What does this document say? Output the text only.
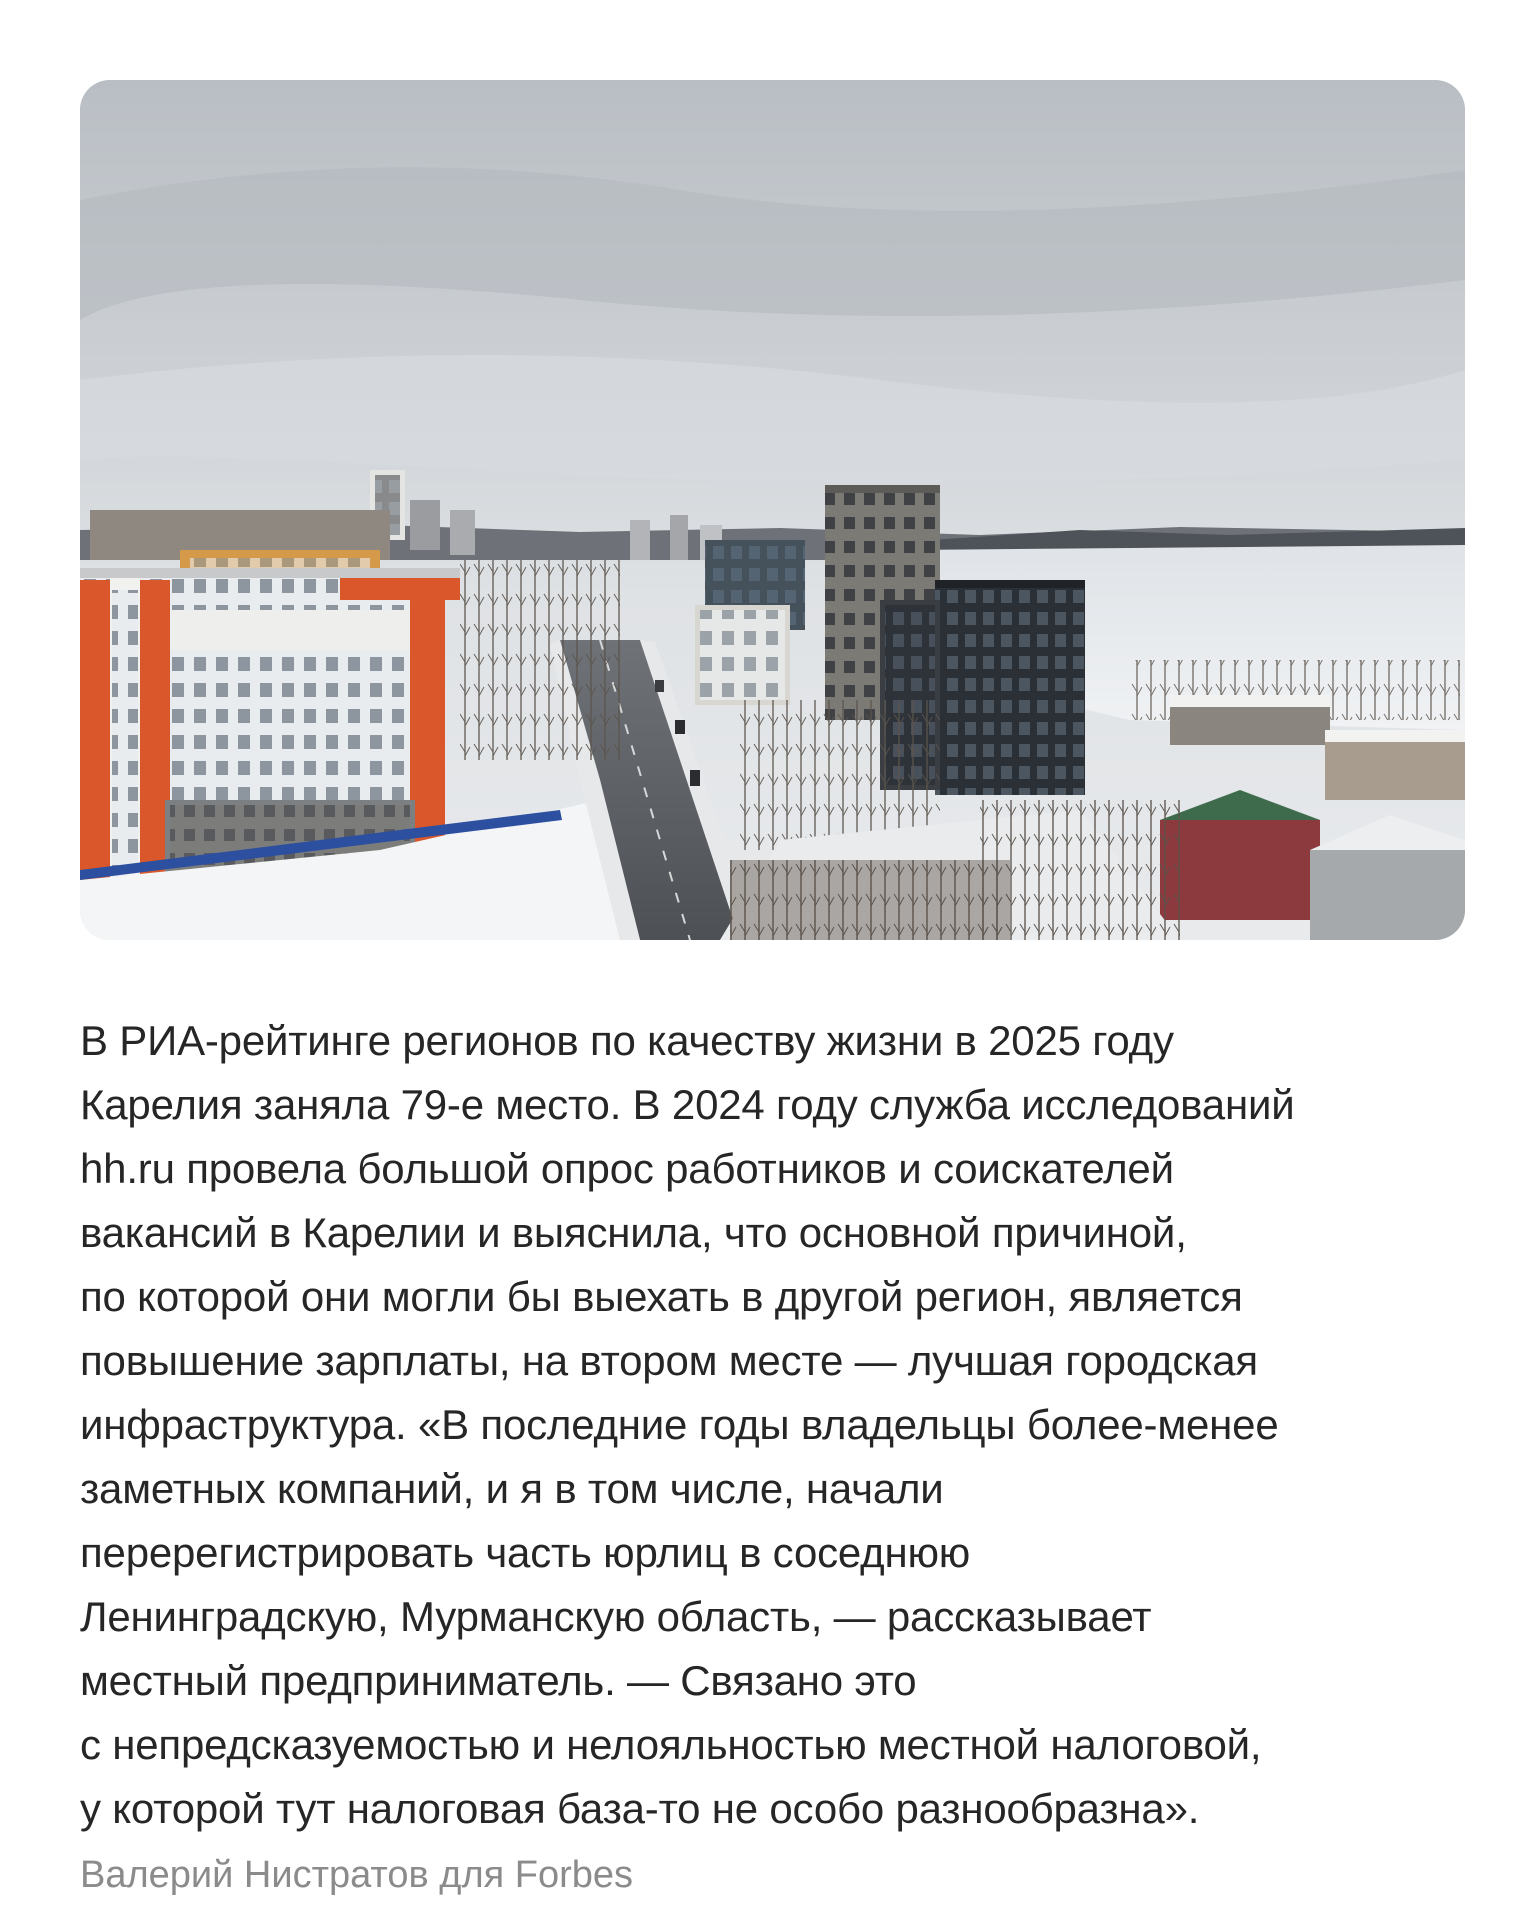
В РИА-рейтинге регионов по качеству жизни в 2025 году
Карелия заняла 79-е место. В 2024 году служба исследований
hh.ru провела большой опрос работников и соискателей
вакансий в Карелии и выяснила, что основной причиной,
по которой они могли бы выехать в другой регион, является
повышение зарплаты, на втором месте — лучшая городская
инфраструктура. «В последние годы владельцы более-менее
заметных компаний, и я в том числе, начали
перерегистрировать часть юрлиц в соседнюю
Ленинградскую, Мурманскую область, — рассказывает
местный предприниматель. — Связано это
с непредсказуемостью и нелояльностью местной налоговой,
у которой тут налоговая база-то не особо разнообразна».

Валерий Нистратов для Forbes
